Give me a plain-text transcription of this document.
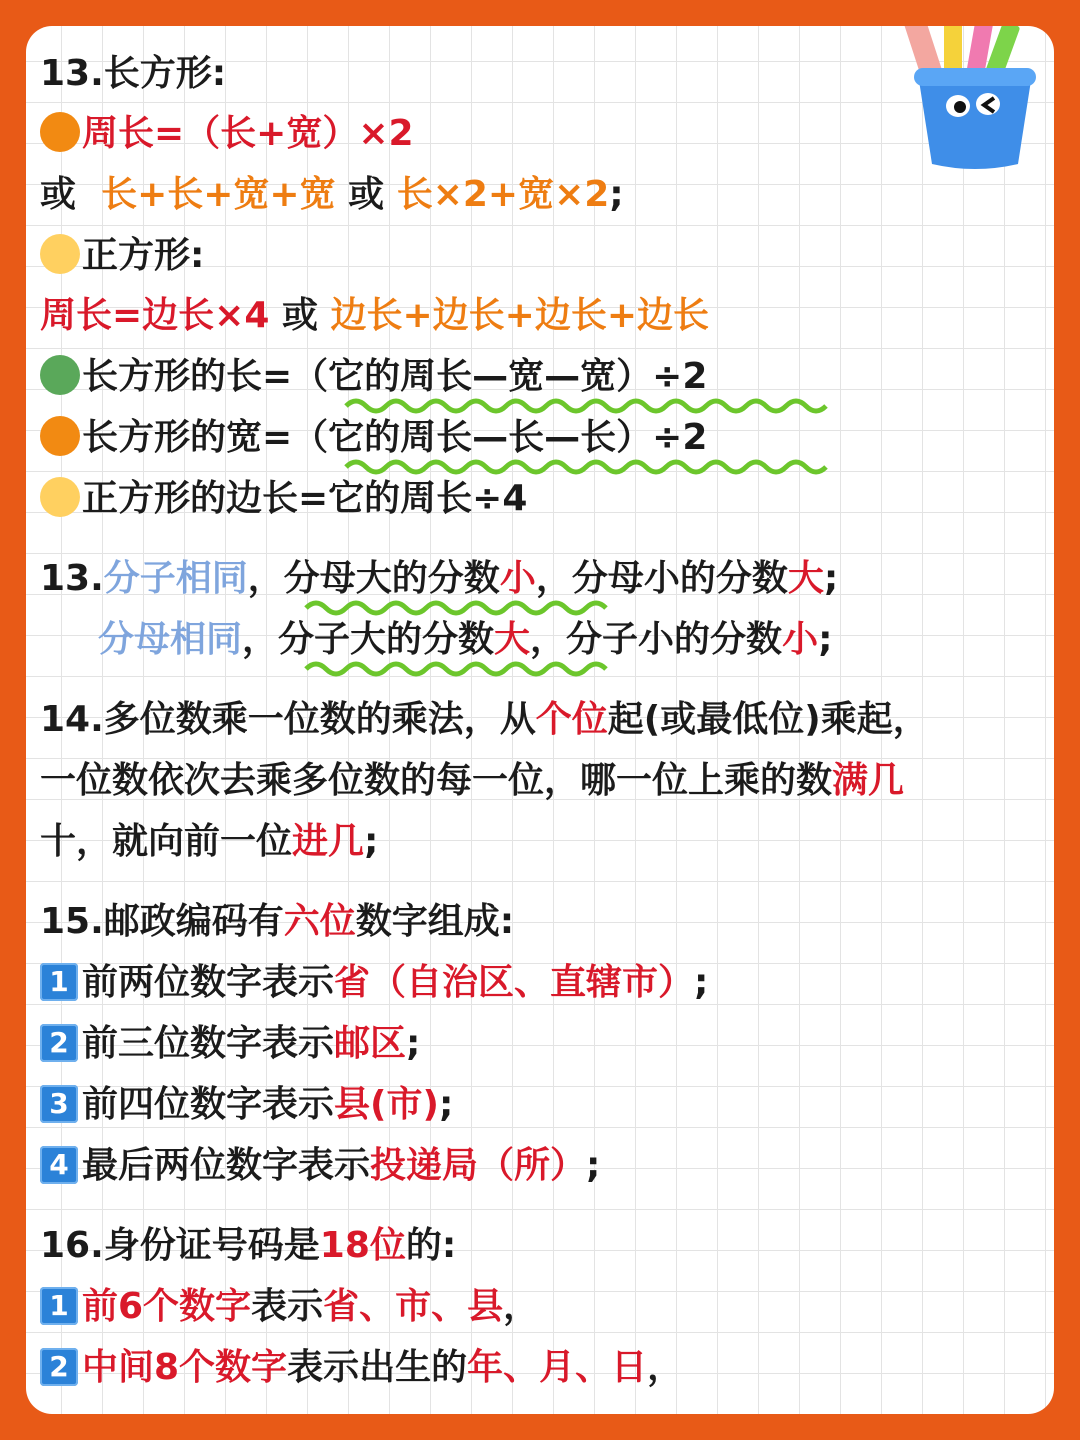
13.长方形:
周长=（长+宽）×2
或 长+长+宽+宽 或 长×2+宽×2;
正方形:
周长=边长×4 或 边长+边长+边长+边长
长方形的长=（它的周长—宽—宽）÷2
长方形的宽=（它的周长—长—长）÷2
正方形的边长=它的周长÷4
13.分子相同，分母大的分数小，分母小的分数大;
分母相同，分子大的分数大，分子小的分数小;
14.多位数乘一位数的乘法，从个位起(或最低位)乘起，
一位数依次去乘多位数的每一位，哪一位上乘的数满几
十，就向前一位进几;
15.邮政编码有六位数字组成:
1 前两位数字表示省（自治区、直辖市）;
2 前三位数字表示邮区;
3 前四位数字表示县(市);
4 最后两位数字表示投递局（所）;
16.身份证号码是18位的:
1 前6个数字表示省、市、县，
2 中间8个数字表示出生的年、月、日，
